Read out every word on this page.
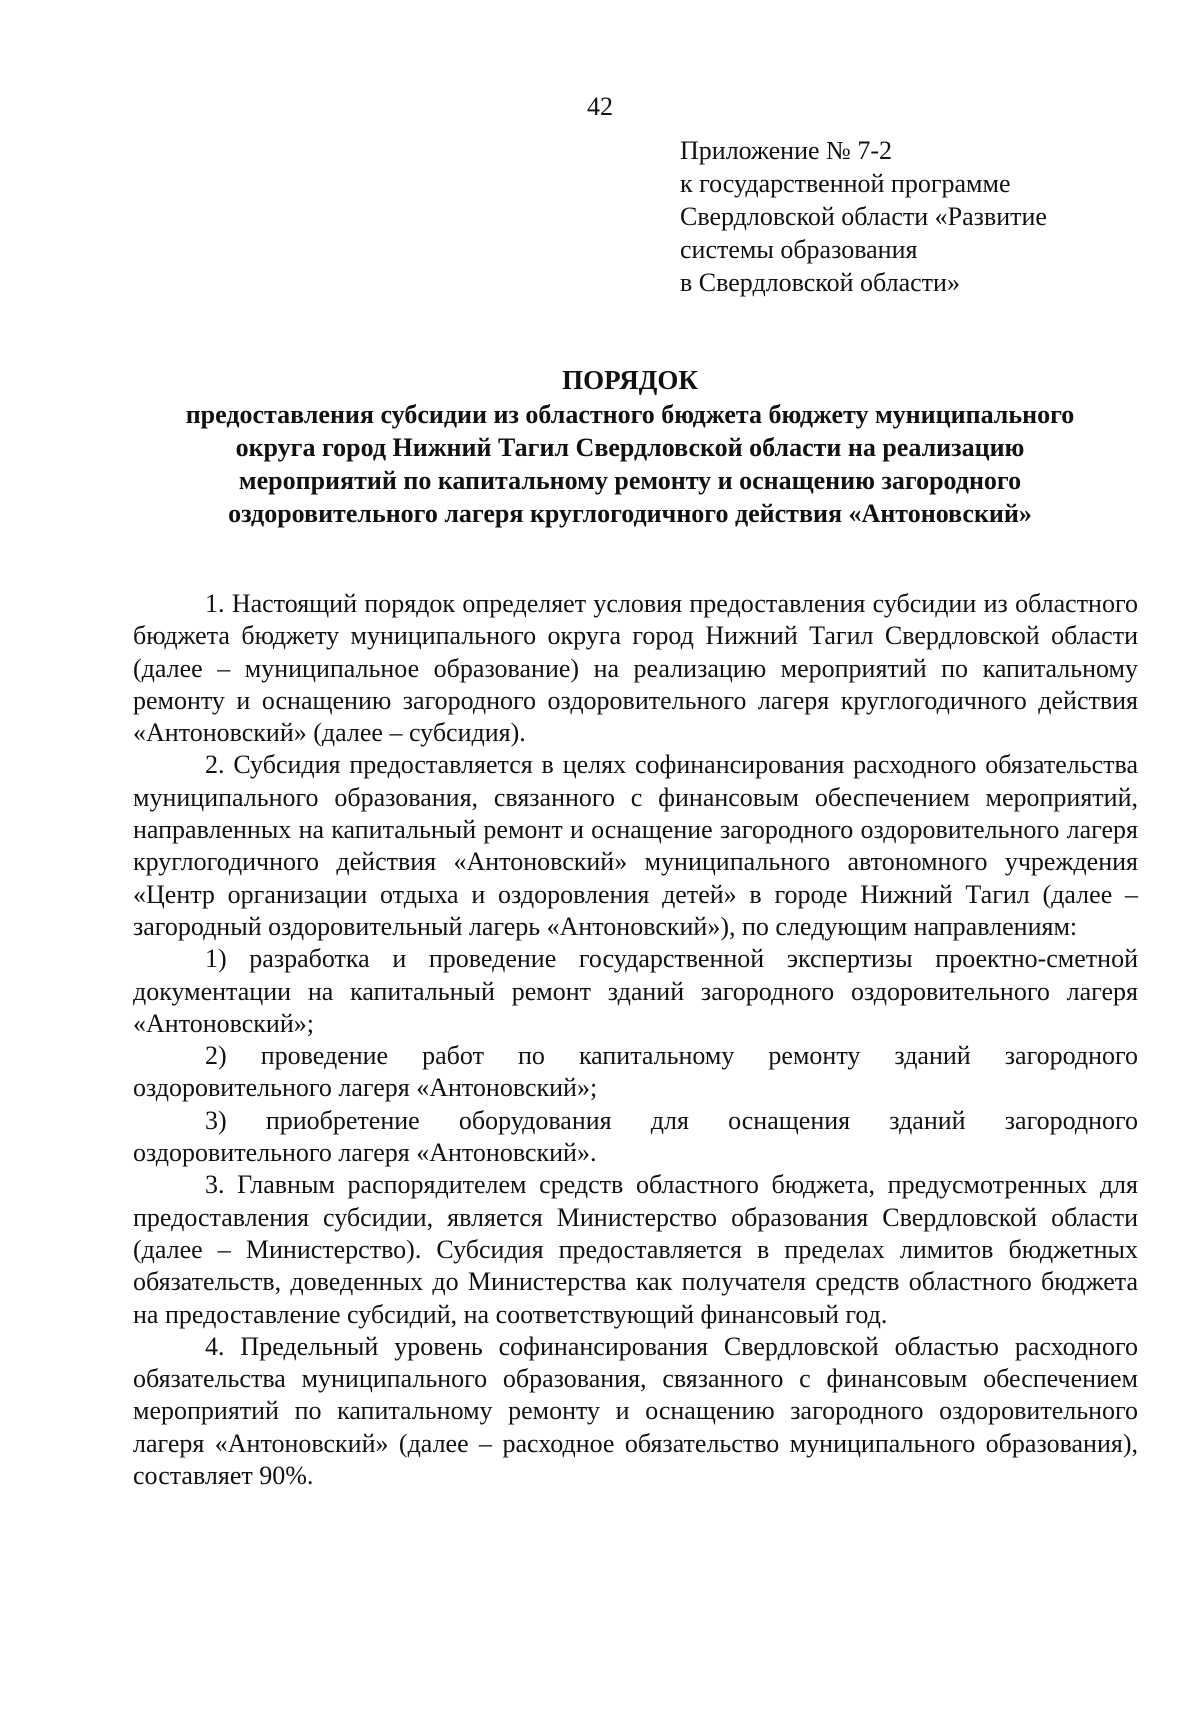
42
Приложение № 7-2
к государственной программе
Свердловской области «Развитие
системы образования
в Свердловской области»
ПОРЯДОК
предоставления субсидии из областного бюджета бюджету муниципального
округа город Нижний Тагил Свердловской области на реализацию
мероприятий по капитальному ремонту и оснащению загородного
оздоровительного лагеря круглогодичного действия «Антоновский»

1. Настоящий порядок определяет условия предоставления субсидии из областного бюджета бюджету муниципального округа город Нижний Тагил Свердловской области (далее – муниципальное образование) на реализацию мероприятий по капитальному ремонту и оснащению загородного оздоровительного лагеря круглогодичного действия «Антоновский» (далее – субсидия).

2. Субсидия предоставляется в целях софинансирования расходного обязательства муниципального образования, связанного с финансовым обеспечением мероприятий, направленных на капитальный ремонт и оснащение загородного оздоровительного лагеря круглогодичного действия «Антоновский» муниципального автономного учреждения «Центр организации отдыха и оздоровления детей» в городе Нижний Тагил (далее – загородный оздоровительный лагерь «Антоновский»), по следующим направлениям:

1) разработка и проведение государственной экспертизы проектно-сметной документации на капитальный ремонт зданий загородного оздоровительного лагеря «Антоновский»;

2) проведение работ по капитальному ремонту зданий загородного оздоровительного лагеря «Антоновский»;

3) приобретение оборудования для оснащения зданий загородного оздоровительного лагеря «Антоновский».

3. Главным распорядителем средств областного бюджета, предусмотренных для предоставления субсидии, является Министерство образования Свердловской области (далее – Министерство). Субсидия предоставляется в пределах лимитов бюджетных обязательств, доведенных до Министерства как получателя средств областного бюджета на предоставление субсидий, на соответствующий финансовый год.

4. Предельный уровень софинансирования Свердловской областью расходного обязательства муниципального образования, связанного с финансовым обеспечением мероприятий по капитальному ремонту и оснащению загородного оздоровительного лагеря «Антоновский» (далее – расходное обязательство муниципального образования), составляет 90%.
